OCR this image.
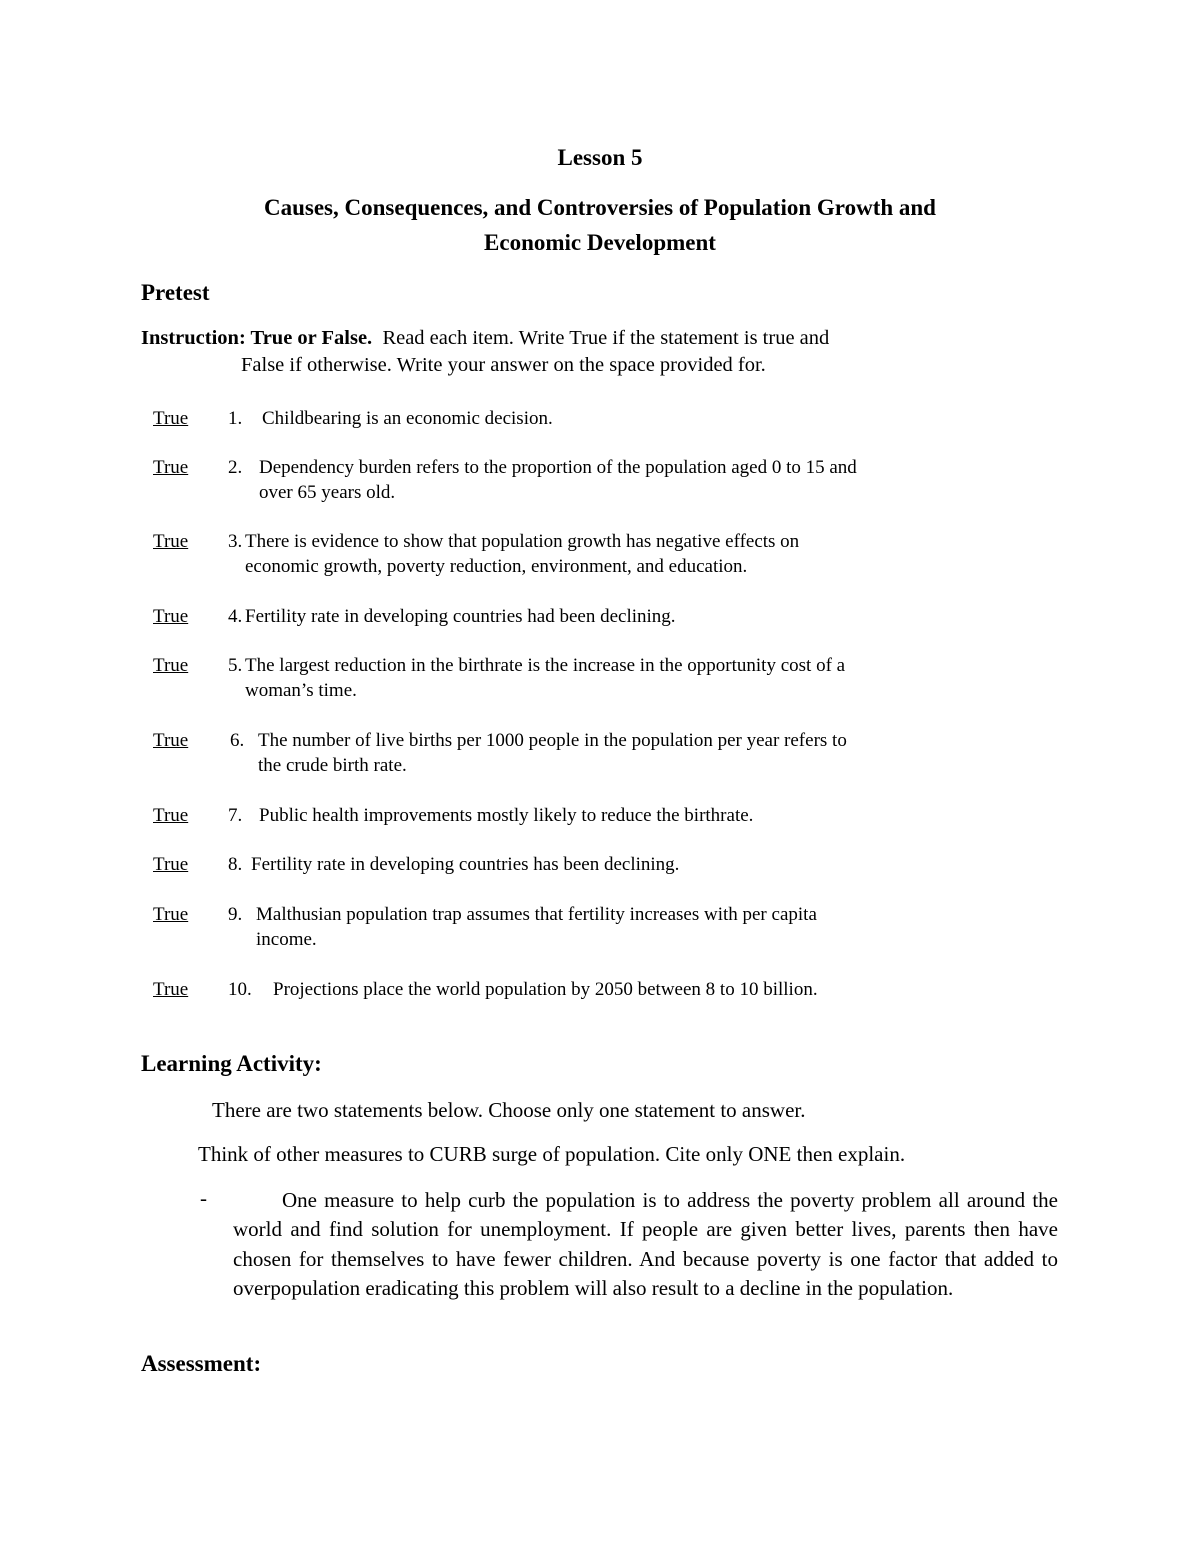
Lesson 5
Causes, Consequences, and Controversies of Population Growth and
Economic Development
Pretest
Instruction: True or False. Read each item. Write True if the statement is true and
False if otherwise. Write your answer on the space provided for.
True 1. Childbearing is an economic decision.
True 2. Dependency burden refers to the proportion of the population aged 0 to 15 and
over 65 years old.
True 3. There is evidence to show that population growth has negative effects on
economic growth, poverty reduction, environment, and education.
True 4. Fertility rate in developing countries had been declining.
True 5. The largest reduction in the birthrate is the increase in the opportunity cost of a
woman’s time.
True 6. The number of live births per 1000 people in the population per year refers to
the crude birth rate.
True 7. Public health improvements mostly likely to reduce the birthrate.
True 8. Fertility rate in developing countries has been declining.
True 9. Malthusian population trap assumes that fertility increases with per capita
income.
True 10. Projections place the world population by 2050 between 8 to 10 billion.
Learning Activity:
There are two statements below. Choose only one statement to answer.
Think of other measures to CURB surge of population. Cite only ONE then explain.
-	One measure to help curb the population is to address the poverty problem all around the world and find solution for unemployment. If people are given better lives, parents then have chosen for themselves to have fewer children. And because poverty is one factor that added to overpopulation eradicating this problem will also result to a decline in the population.
Assessment:
